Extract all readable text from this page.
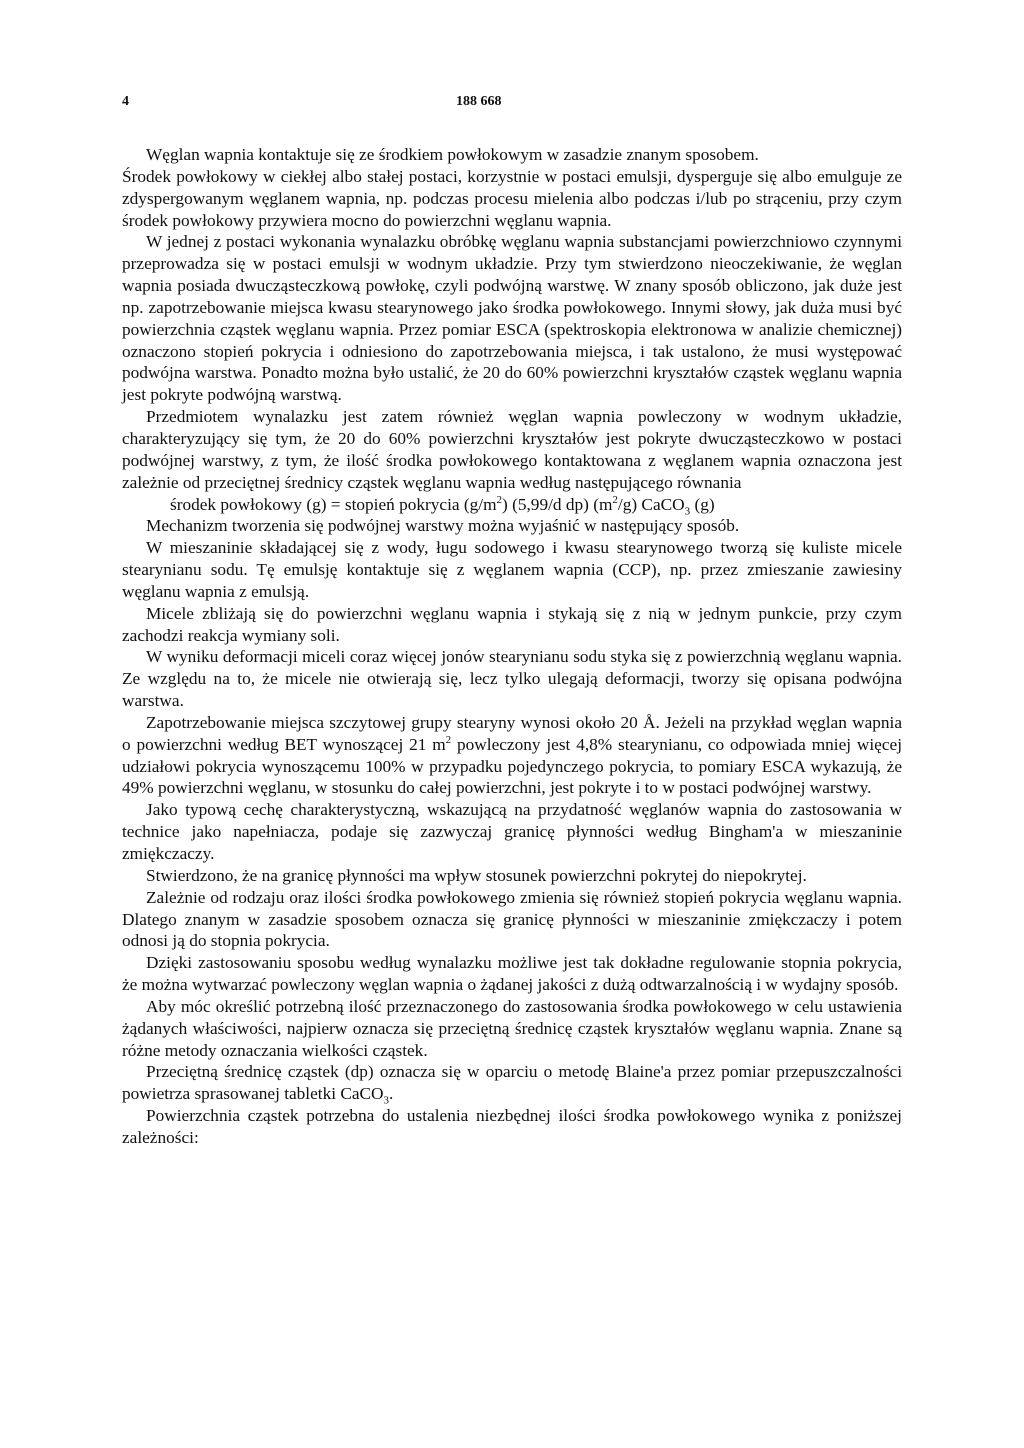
4	188 668

Węglan wapnia kontaktuje się ze środkiem powłokowym w zasadzie znanym sposobem.

Środek powłokowy w ciekłej albo stałej postaci, korzystnie w postaci emulsji, dysperguje się albo emulguje ze zdyspergowanym węglanem wapnia, np. podczas procesu mielenia albo podczas i/lub po strąceniu, przy czym środek powłokowy przywiera mocno do powierzchni węglanu wapnia.

W jednej z postaci wykonania wynalazku obróbkę węglanu wapnia substancjami powierzchniowo czynnymi przeprowadza się w postaci emulsji w wodnym układzie. Przy tym stwierdzono nieoczekiwanie, że węglan wapnia posiada dwucząsteczkową powłokę, czyli podwójną warstwę. W znany sposób obliczono, jak duże jest np. zapotrzebowanie miejsca kwasu stearynowego jako środka powłokowego. Innymi słowy, jak duża musi być powierzchnia cząstek węglanu wapnia. Przez pomiar ESCA (spektroskopia elektronowa w analizie chemicznej) oznaczono stopień pokrycia i odniesiono do zapotrzebowania miejsca, i tak ustalono, że musi występować podwójna warstwa. Ponadto można było ustalić, że 20 do 60% powierzchni kryształów cząstek węglanu wapnia jest pokryte podwójną warstwą.

Przedmiotem wynalazku jest zatem również węglan wapnia powleczony w wodnym układzie, charakteryzujący się tym, że 20 do 60% powierzchni kryształów jest pokryte dwucząsteczkowo w postaci podwójnej warstwy, z tym, że ilość środka powłokowego kontaktowana z węglanem wapnia oznaczona jest zależnie od przeciętnej średnicy cząstek węglanu wapnia według następującego równania

środek powłokowy (g) = stopień pokrycia $(g/m^2)$ (5,99/d dp) $(m^2/g)$ CaCO$_3$ (g)

Mechanizm tworzenia się podwójnej warstwy można wyjaśnić w następujący sposób.

W mieszaninie składającej się z wody, ługu sodowego i kwasu stearynowego tworzą się kuliste micele stearynianu sodu. Tę emulsję kontaktuje się z węglanem wapnia (CCP), np. przez zmieszanie zawiesiny węglanu wapnia z emulsją.

Micele zbliżają się do powierzchni węglanu wapnia i stykają się z nią w jednym punkcie, przy czym zachodzi reakcja wymiany soli.

W wyniku deformacji miceli coraz więcej jonów stearynianu sodu styka się z powierzchnią węglanu wapnia. Ze względu na to, że micele nie otwierają się, lecz tylko ulegają deformacji, tworzy się opisana podwójna warstwa.

Zapotrzebowanie miejsca szczytowej grupy stearyny wynosi około 20 Å. Jeżeli na przykład węglan wapnia o powierzchni według BET wynoszącej 21 $m^2$ powleczony jest 4,8% stearynianu, co odpowiada mniej więcej udziałowi pokrycia wynoszącemu 100% w przypadku pojedynczego pokrycia, to pomiary ESCA wykazują, że 49% powierzchni węglanu, w stosunku do całej powierzchni, jest pokryte i to w postaci podwójnej warstwy.

Jako typową cechę charakterystyczną, wskazującą na przydatność węglanów wapnia do zastosowania w technice jako napełniacza, podaje się zazwyczaj granicę płynności według Bingham'a w mieszaninie zmiękczaczy.

Stwierdzono, że na granicę płynności ma wpływ stosunek powierzchni pokrytej do niepokrytej.

Zależnie od rodzaju oraz ilości środka powłokowego zmienia się również stopień pokrycia węglanu wapnia. Dlatego znanym w zasadzie sposobem oznacza się granicę płynności w mieszaninie zmiękczaczy i potem odnosi ją do stopnia pokrycia.

Dzięki zastosowaniu sposobu według wynalazku możliwe jest tak dokładne regulowanie stopnia pokrycia, że można wytwarzać powleczony węglan wapnia o żądanej jakości z dużą odtwarzalnością i w wydajny sposób.

Aby móc określić potrzebną ilość przeznaczonego do zastosowania środka powłokowego w celu ustawienia żądanych właściwości, najpierw oznacza się przeciętną średnicę cząstek kryształów węglanu wapnia. Znane są różne metody oznaczania wielkości cząstek.

Przeciętną średnicę cząstek (dp) oznacza się w oparciu o metodę Blaine'a przez pomiar przepuszczalności powietrza sprasowanej tabletki CaCO$_3$.

Powierzchnia cząstek potrzebna do ustalenia niezbędnej ilości środka powłokowego wynika z poniższej zależności:
